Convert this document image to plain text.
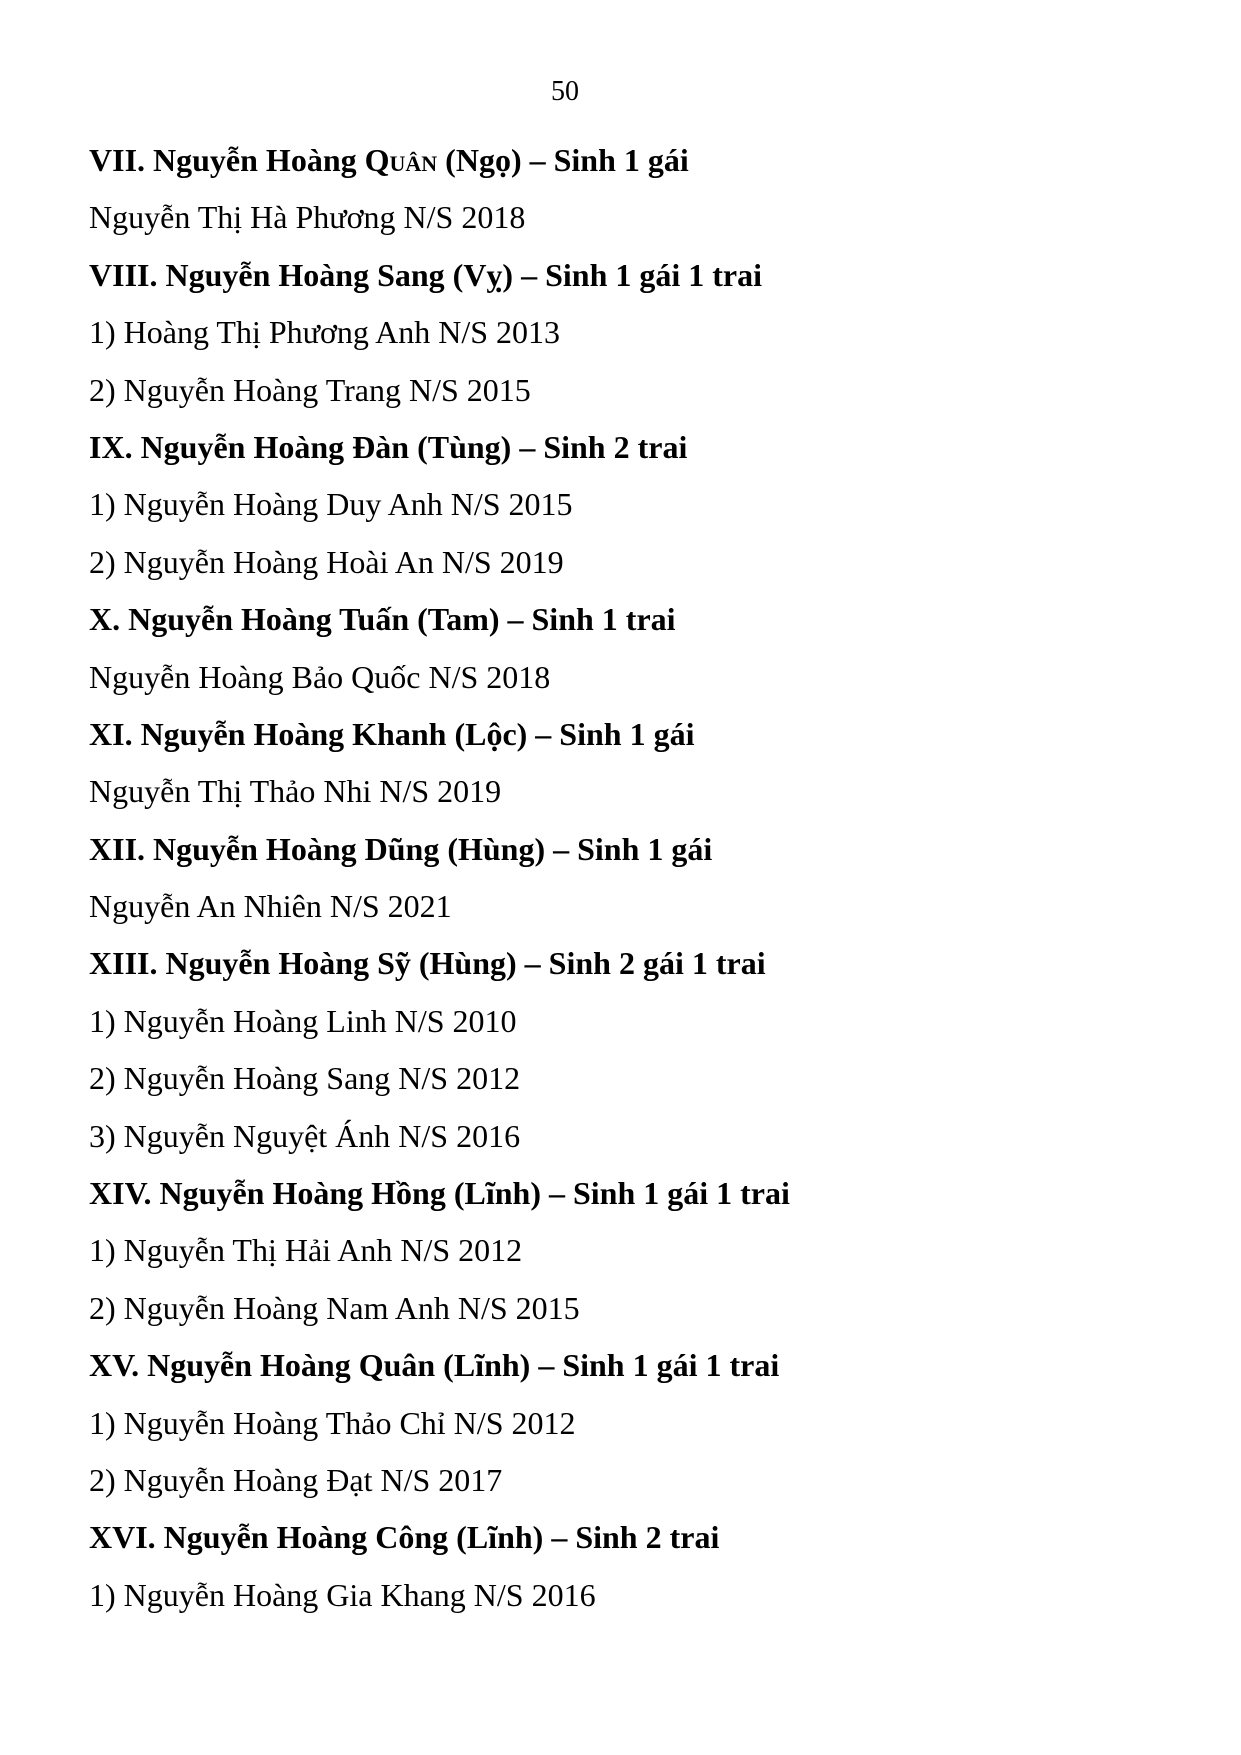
50
VII. Nguyễn Hoàng Quân (Ngọ) – Sinh 1 gái
Nguyễn Thị Hà Phương N/S 2018
VIII. Nguyễn Hoàng Sang (Vỵ) – Sinh 1 gái 1 trai
1) Hoàng Thị Phương Anh N/S 2013
2) Nguyễn Hoàng Trang N/S 2015
IX. Nguyễn Hoàng Đàn (Tùng) – Sinh 2 trai
1) Nguyễn Hoàng Duy Anh N/S 2015
2) Nguyễn Hoàng Hoài An N/S 2019
X. Nguyễn Hoàng Tuấn (Tam) – Sinh 1 trai
Nguyễn Hoàng Bảo Quốc N/S 2018
XI. Nguyễn Hoàng Khanh (Lộc) – Sinh 1 gái
Nguyễn Thị Thảo Nhi N/S 2019
XII. Nguyễn Hoàng Dũng (Hùng) – Sinh 1 gái
Nguyễn An Nhiên N/S 2021
XIII. Nguyễn Hoàng Sỹ (Hùng) – Sinh 2 gái 1 trai
1) Nguyễn Hoàng Linh N/S 2010
2) Nguyễn Hoàng Sang N/S 2012
3) Nguyễn Nguyệt Ánh N/S 2016
XIV. Nguyễn Hoàng Hồng (Lĩnh) – Sinh 1 gái 1 trai
1) Nguyễn Thị Hải Anh N/S 2012
2) Nguyễn Hoàng Nam Anh N/S 2015
XV. Nguyễn Hoàng Quân (Lĩnh) – Sinh 1 gái 1 trai
1) Nguyễn Hoàng Thảo Chỉ N/S 2012
2) Nguyễn Hoàng Đạt N/S 2017
XVI. Nguyễn Hoàng Công (Lĩnh) – Sinh 2 trai
1) Nguyễn Hoàng Gia Khang N/S 2016
